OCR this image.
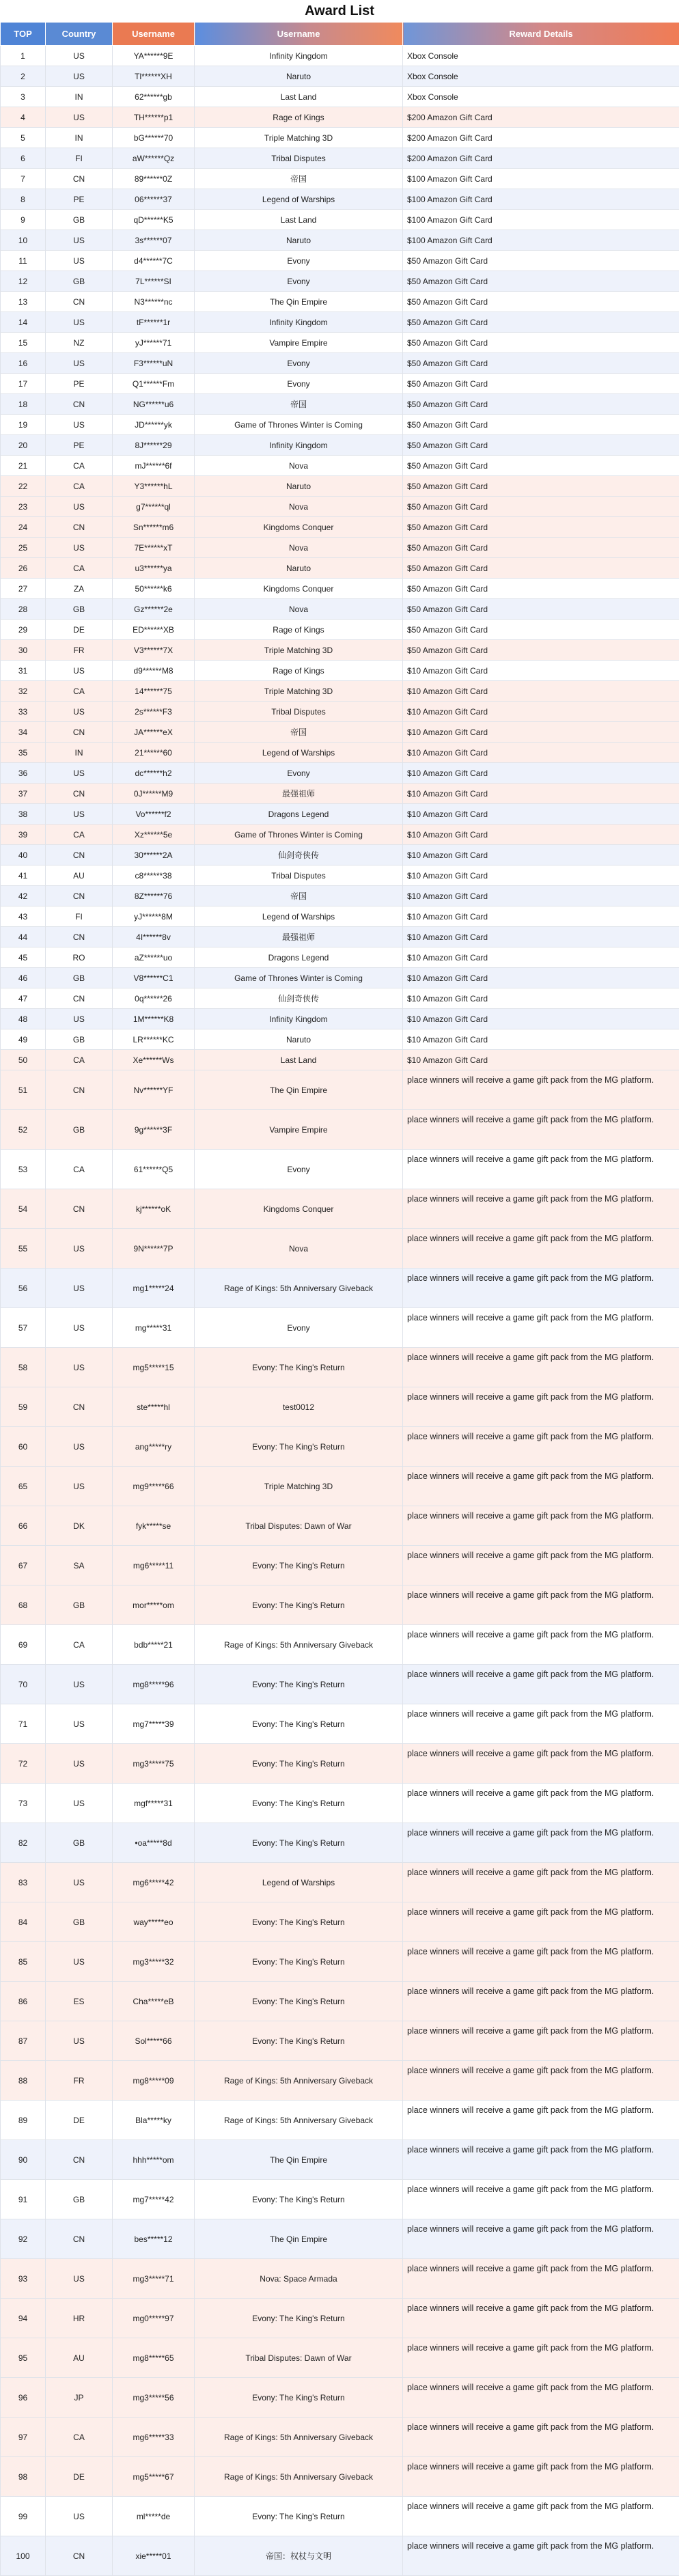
Award List
TOP	Country	Username	Username	Reward Details
1	US	YA******9E	Infinity Kingdom	Xbox Console
2	US	Tl******XH	Naruto	Xbox Console
3	IN	62******gb	Last Land	Xbox Console
4	US	TH******p1	Rage of Kings	$200 Amazon Gift Card
5	IN	bG******70	Triple Matching 3D	$200 Amazon Gift Card
6	FI	aW******Qz	Tribal Disputes	$200 Amazon Gift Card
7	CN	89******0Z	帝国	$100 Amazon Gift Card
8	PE	06******37	Legend of Warships	$100 Amazon Gift Card
9	GB	qD******K5	Last Land	$100 Amazon Gift Card
10	US	3s******07	Naruto	$100 Amazon Gift Card
11	US	d4******7C	Evony	$50 Amazon Gift Card
12	GB	7L******SI	Evony	$50 Amazon Gift Card
13	CN	N3******nc	The Qin Empire	$50 Amazon Gift Card
14	US	tF******1r	Infinity Kingdom	$50 Amazon Gift Card
15	NZ	yJ******71	Vampire Empire	$50 Amazon Gift Card
16	US	F3******uN	Evony	$50 Amazon Gift Card
17	PE	Q1******Fm	Evony	$50 Amazon Gift Card
18	CN	NG******u6	帝国	$50 Amazon Gift Card
19	US	JD******yk	Game of Thrones Winter is Coming	$50 Amazon Gift Card
20	PE	8J******29	Infinity Kingdom	$50 Amazon Gift Card
21	CA	mJ******6f	Nova	$50 Amazon Gift Card
22	CA	Y3******hL	Naruto	$50 Amazon Gift Card
23	US	g7******ql	Nova	$50 Amazon Gift Card
24	CN	Sn******m6	Kingdoms Conquer	$50 Amazon Gift Card
25	US	7E******xT	Nova	$50 Amazon Gift Card
26	CA	u3******ya	Naruto	$50 Amazon Gift Card
27	ZA	50******k6	Kingdoms Conquer	$50 Amazon Gift Card
28	GB	Gz******2e	Nova	$50 Amazon Gift Card
29	DE	ED******XB	Rage of Kings	$50 Amazon Gift Card
30	FR	V3******7X	Triple Matching 3D	$50 Amazon Gift Card
31	US	d9******M8	Rage of Kings	$10 Amazon Gift Card
32	CA	14******75	Triple Matching 3D	$10 Amazon Gift Card
33	US	2s******F3	Tribal Disputes	$10 Amazon Gift Card
34	CN	JA******eX	帝国	$10 Amazon Gift Card
35	IN	21******60	Legend of Warships	$10 Amazon Gift Card
36	US	dc******h2	Evony	$10 Amazon Gift Card
37	CN	0J******M9	最强祖师	$10 Amazon Gift Card
38	US	Vo******f2	Dragons Legend	$10 Amazon Gift Card
39	CA	Xz******5e	Game of Thrones Winter is Coming	$10 Amazon Gift Card
40	CN	30******2A	仙剑奇侠传	$10 Amazon Gift Card
41	AU	c8******38	Tribal Disputes	$10 Amazon Gift Card
42	CN	8Z******76	帝国	$10 Amazon Gift Card
43	FI	yJ******8M	Legend of Warships	$10 Amazon Gift Card
44	CN	4I******8v	最强祖师	$10 Amazon Gift Card
45	RO	aZ******uo	Dragons Legend	$10 Amazon Gift Card
46	GB	V8******C1	Game of Thrones Winter is Coming	$10 Amazon Gift Card
47	CN	0q******26	仙剑奇侠传	$10 Amazon Gift Card
48	US	1M******K8	Infinity Kingdom	$10 Amazon Gift Card
49	GB	LR******KC	Naruto	$10 Amazon Gift Card
50	CA	Xe******Ws	Last Land	$10 Amazon Gift Card
51	CN	Nv******YF	The Qin Empire	place winners will receive a game gift pack from the MG platform.
52	GB	9g******3F	Vampire Empire	place winners will receive a game gift pack from the MG platform.
53	CA	61******Q5	Evony	place winners will receive a game gift pack from the MG platform.
54	CN	kj******oK	Kingdoms Conquer	place winners will receive a game gift pack from the MG platform.
55	US	9N******7P	Nova	place winners will receive a game gift pack from the MG platform.
56	US	mg1*****24	Rage of Kings: 5th Anniversary Giveback	place winners will receive a game gift pack from the MG platform.
57	US	mg*****31	Evony	place winners will receive a game gift pack from the MG platform.
58	US	mg5*****15	Evony: The King's Return	place winners will receive a game gift pack from the MG platform.
59	CN	ste*****hl	test0012	place winners will receive a game gift pack from the MG platform.
60	US	ang*****ry	Evony: The King's Return	place winners will receive a game gift pack from the MG platform.
65	US	mg9*****66	Triple Matching 3D	place winners will receive a game gift pack from the MG platform.
66	DK	fyk*****se	Tribal Disputes: Dawn of War	place winners will receive a game gift pack from the MG platform.
67	SA	mg6*****11	Evony: The King's Return	place winners will receive a game gift pack from the MG platform.
68	GB	mor*****om	Evony: The King's Return	place winners will receive a game gift pack from the MG platform.
69	CA	bdb*****21	Rage of Kings: 5th Anniversary Giveback	place winners will receive a game gift pack from the MG platform.
70	US	mg8*****96	Evony: The King's Return	place winners will receive a game gift pack from the MG platform.
71	US	mg7*****39	Evony: The King's Return	place winners will receive a game gift pack from the MG platform.
72	US	mg3*****75	Evony: The King's Return	place winners will receive a game gift pack from the MG platform.
73	US	mgf*****31	Evony: The King's Return	place winners will receive a game gift pack from the MG platform.
82	GB	•oa*****8d	Evony: The King's Return	place winners will receive a game gift pack from the MG platform.
83	US	mg6*****42	Legend of Warships	place winners will receive a game gift pack from the MG platform.
84	GB	way*****eo	Evony: The King's Return	place winners will receive a game gift pack from the MG platform.
85	US	mg3*****32	Evony: The King's Return	place winners will receive a game gift pack from the MG platform.
86	ES	Cha*****eB	Evony: The King's Return	place winners will receive a game gift pack from the MG platform.
87	US	Sol*****66	Evony: The King's Return	place winners will receive a game gift pack from the MG platform.
88	FR	mg8*****09	Rage of Kings: 5th Anniversary Giveback	place winners will receive a game gift pack from the MG platform.
89	DE	Bla*****ky	Rage of Kings: 5th Anniversary Giveback	place winners will receive a game gift pack from the MG platform.
90	CN	hhh*****om	The Qin Empire	place winners will receive a game gift pack from the MG platform.
91	GB	mg7*****42	Evony: The King's Return	place winners will receive a game gift pack from the MG platform.
92	CN	bes*****12	The Qin Empire	place winners will receive a game gift pack from the MG platform.
93	US	mg3*****71	Nova: Space Armada	place winners will receive a game gift pack from the MG platform.
94	HR	mg0*****97	Evony: The King's Return	place winners will receive a game gift pack from the MG platform.
95	AU	mg8*****65	Tribal Disputes: Dawn of War	place winners will receive a game gift pack from the MG platform.
96	JP	mg3*****56	Evony: The King's Return	place winners will receive a game gift pack from the MG platform.
97	CA	mg6*****33	Rage of Kings: 5th Anniversary Giveback	place winners will receive a game gift pack from the MG platform.
98	DE	mg5*****67	Rage of Kings: 5th Anniversary Giveback	place winners will receive a game gift pack from the MG platform.
99	US	ml*****de	Evony: The King's Return	place winners will receive a game gift pack from the MG platform.
100	CN	xie*****01	帝国：权杖与文明	place winners will receive a game gift pack from the MG platform.
